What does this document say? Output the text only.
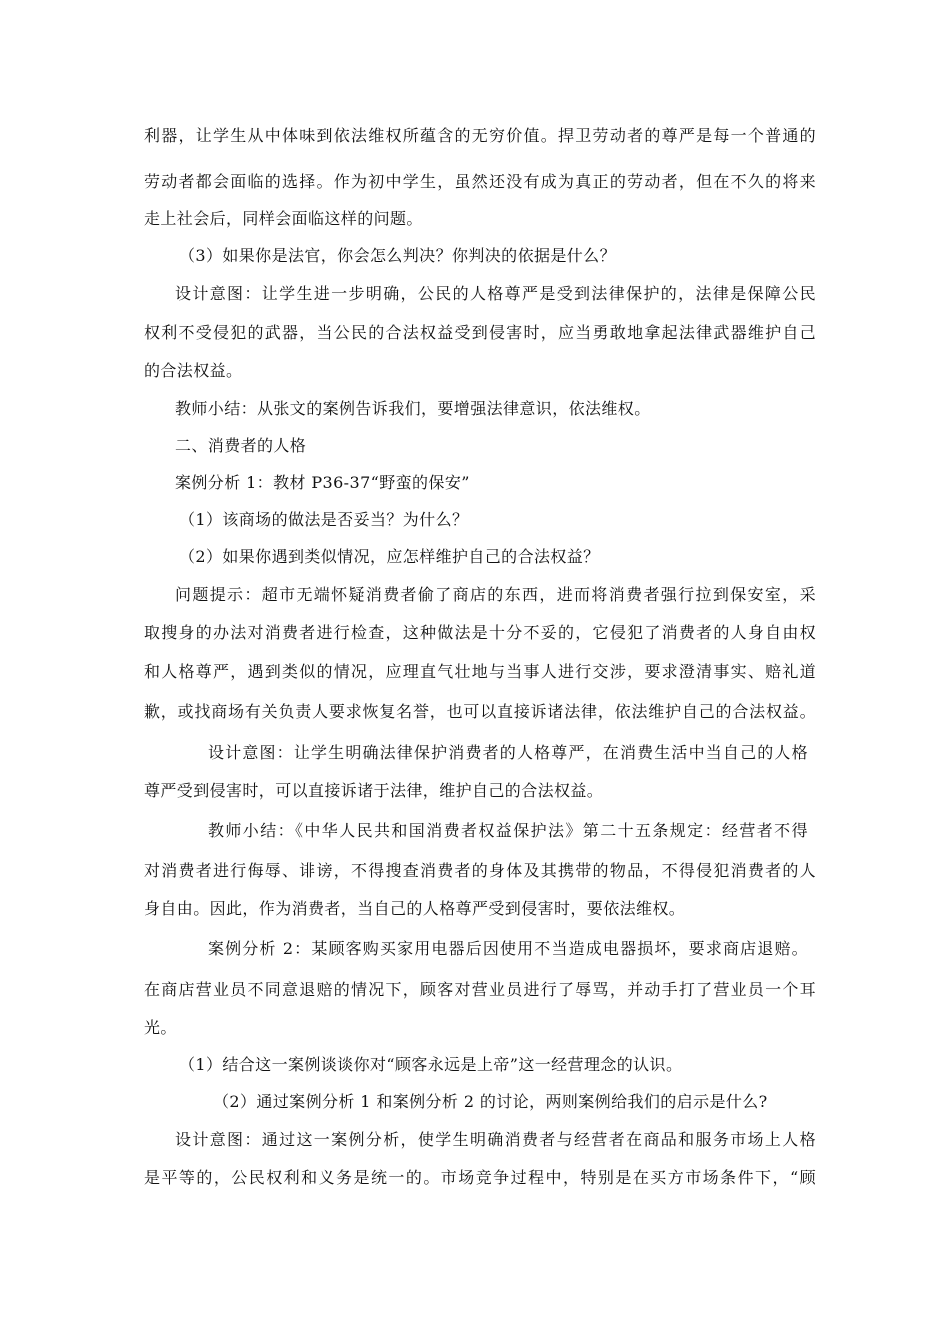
利器，让学生从中体味到依法维权所蕴含的无穷价值。捍卫劳动者的尊严是每一个普通的
劳动者都会面临的选择。作为初中学生，虽然还没有成为真正的劳动者，但在不久的将来
走上社会后，同样会面临这样的问题。
（3）如果你是法官，你会怎么判决？你判决的依据是什么？
设计意图：让学生进一步明确，公民的人格尊严是受到法律保护的，法律是保障公民
权利不受侵犯的武器，当公民的合法权益受到侵害时，应当勇敢地拿起法律武器维护自己
的合法权益。
教师小结：从张文的案例告诉我们，要增强法律意识，依法维权。
二、消费者的人格
案例分析 1：教材 P36-37“野蛮的保安”
（1）该商场的做法是否妥当？为什么？
（2）如果你遇到类似情况，应怎样维护自己的合法权益？
问题提示：超市无端怀疑消费者偷了商店的东西，进而将消费者强行拉到保安室，采
取搜身的办法对消费者进行检查，这种做法是十分不妥的，它侵犯了消费者的人身自由权
和人格尊严，遇到类似的情况，应理直气壮地与当事人进行交涉，要求澄清事实、赔礼道
歉，或找商场有关负责人要求恢复名誉，也可以直接诉诸法律，依法维护自己的合法权益。
设计意图：让学生明确法律保护消费者的人格尊严，在消费生活中当自己的人格
尊严受到侵害时，可以直接诉诸于法律，维护自己的合法权益。
教师小结：《中华人民共和国消费者权益保护法》第二十五条规定：经营者不得
对消费者进行侮辱、诽谤，不得搜查消费者的身体及其携带的物品，不得侵犯消费者的人
身自由。因此，作为消费者，当自己的人格尊严受到侵害时，要依法维权。
案例分析 2：某顾客购买家用电器后因使用不当造成电器损坏，要求商店退赔。
在商店营业员不同意退赔的情况下，顾客对营业员进行了辱骂，并动手打了营业员一个耳
光。
（1）结合这一案例谈谈你对“顾客永远是上帝”这一经营理念的认识。
（2）通过案例分析 1 和案例分析 2 的讨论，两则案例给我们的启示是什么?
设计意图：通过这一案例分析，使学生明确消费者与经营者在商品和服务市场上人格
是平等的，公民权利和义务是统一的。市场竞争过程中，特别是在买方市场条件下，“顾
